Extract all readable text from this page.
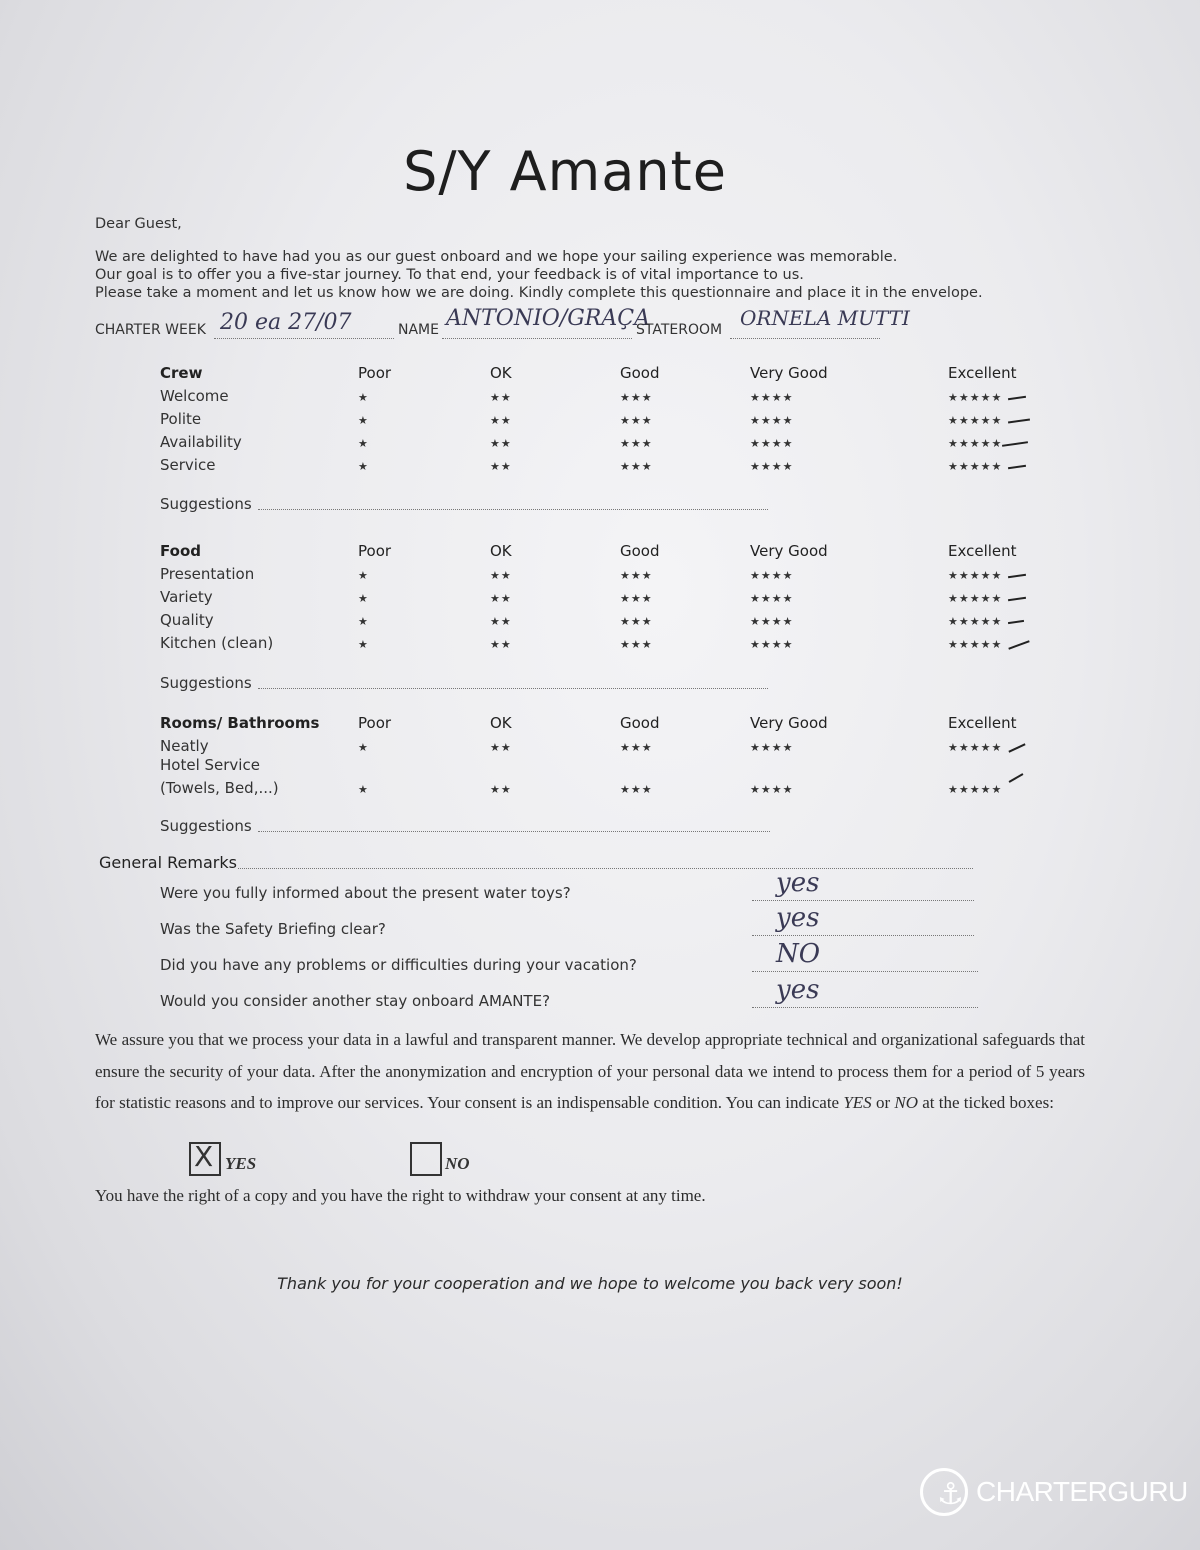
S/Y Amante
Dear Guest,
We are delighted to have had you as our guest onboard and we hope your sailing experience was memorable.
Our goal is to offer you a five-star journey. To that end, your feedback is of vital importance to us.
Please take a moment and let us know how we are doing. Kindly complete this questionnaire and place it in the envelope.
CHARTER WEEK 20 ea 27/07	NAME ANTONIO/GRAÇA
STATEROOM ORNELA MUTTI
Crew	Poor	OK	Good	Very Good	Excellent
Welcome	★	★★	★★★	★★★★	★★★★★
Polite	★	★★	★★★	★★★★	★★★★★
Availability	★	★★	★★★	★★★★	★★★★★
Service	★	★★	★★★	★★★★	★★★★★
Suggestions
Food	Poor	OK	Good	Very Good	Excellent
Presentation	★	★★	★★★	★★★★	★★★★★
Variety	★	★★	★★★	★★★★	★★★★★
Quality	★	★★	★★★	★★★★	★★★★★
Kitchen (clean)	★	★★	★★★	★★★★	★★★★★
Suggestions
Rooms/ Bathrooms	Poor	OK	Good	Very Good	Excellent
Neatly	★	★★	★★★	★★★★	★★★★★
Hotel Service
(Towels, Bed,...)	★	★★	★★★	★★★★	★★★★★
Suggestions
General Remarks
Were you fully informed about the present water toys?	yes
Was the Safety Briefing clear?	yes
Did you have any problems or difficulties during your vacation?	NO
Would you consider another stay onboard AMANTE?	yes
We assure you that we process your data in a lawful and transparent manner. We develop appropriate technical and organizational safeguards that ensure the security of your data. After the anonymization and encryption of your personal data we intend to process them for a period of 5 years for statistic reasons and to improve our services. Your consent is an indispensable condition. You can indicate YES or NO at the ticked boxes:
X YES	NO
You have the right of a copy and you have the right to withdraw your consent at any time.
Thank you for your cooperation and we hope to welcome you back very soon!
⚓ CHARTERGURU
